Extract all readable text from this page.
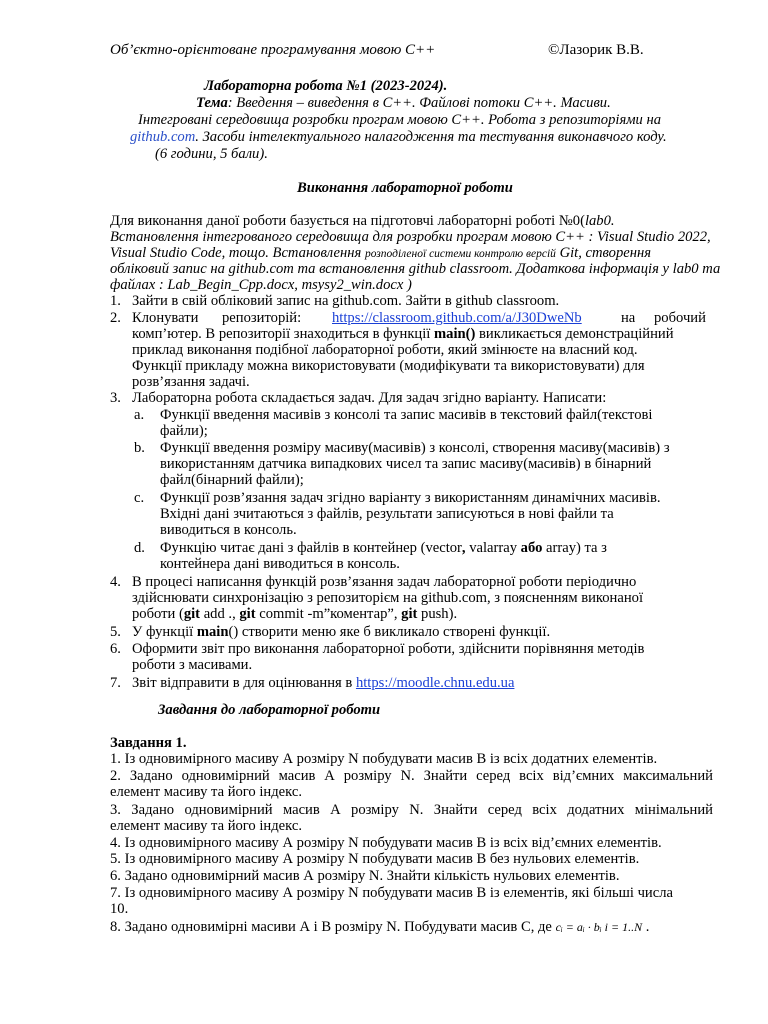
Об’єктно-орієнтоване програмування мовою С++	©Лазорик В.В.
Лабораторна робота №1 (2023-2024).
Тема: Введення – виведення в С++. Файлові потоки С++. Масиви.
Інтегровані середовища розробки програм мовою С++. Робота з репозиторіями на
github.com. Засоби інтелектуального налагодження та тестування виконавчого коду.
(6 години, 5 бали).
Виконання лабораторної роботи
Для виконання даної роботи базується на підготовчі лабораторні роботі №0(lab0.
Встановлення інтегрованого середовища для розробки програм мовою С++ : Visual Studio 2022,
Visual Studio Code, тощо. Встановлення розподіленої системи контролю версій Git, створення
обліковий запис на github.com та встановлення github classroom. Додаткова інформація у lab0 та
файлах : Lab_Begin_Cpp.docx, msysy2_win.docx )
1. Зайти в свій обліковий запис на github.com. Зайти в github classroom.
2. Клонувати репозиторій: https://classroom.github.com/a/J30DweNb	на робочий
комп’ютер. В репозиторії знаходиться в функції main() викликається демонстраційний
приклад виконання подібної лабораторної роботи, який змінюєте на власний код.
Функції прикладу можна використовувати (модифікувати та використовувати) для
розв’язання задачі.
3. Лабораторна робота складається задач. Для задач згідно варіанту. Написати:
a. Функції введення масивів з консолі та запис масивів в текстовий файл(текстові
файли);
b. Функції введення розміру масиву(масивів) з консолі, створення масиву(масивів) з
використанням датчика випадкових чисел та запис масиву(масивів) в бінарний
файл(бінарний файли);
c. Функції розв’язання задач згідно варіанту з використанням динамічних масивів.
Вхідні дані зчитаються з файлів, результати записуються в нові файли та
виводиться в консоль.
d. Функцію читає дані з файлів в контейнер (vector, valarray або array) та з
контейнера дані виводиться в консоль.
4. В процесі написання функцій розв’язання задач лабораторної роботи періодично
здійснювати синхронізацію з репозиторієм на github.com, з поясненням виконаної
роботи (git add ., git commit -m”коментар”, git push).
5. У функції main() створити меню яке б викликало створені функції.
6. Оформити звіт про виконання лабораторної роботи, здійснити порівняння методів
роботи з масивами.
7. Звіт відправити в для оцінювання в https://moodle.chnu.edu.ua
Завдання до лабораторної роботи
Завдання 1.
1. Із одновимірного масиву А розміру N побудувати масив В із всіх додатних елементів.
2. Задано одновимірний масив А розміру N. Знайти серед всіх від’ємних максимальний
елемент масиву та його індекс.
3. Задано одновимірний масив А розміру N. Знайти серед всіх додатних мінімальний
елемент масиву та його індекс.
4. Із одновимірного масиву А розміру N побудувати масив В із всіх від’ємних елементів.
5. Із одновимірного масиву А розміру N побудувати масив В без нульових елементів.
6. Задано одновимірний масив А розміру N. Знайти кількість нульових елементів.
7. Із одновимірного масиву А розміру N побудувати масив В із елементів, які більші числа
10.
8. Задано одновимірні масиви А і В розміру N. Побудувати масив С, де cᵢ = aᵢ · bᵢ i = 1..N .
